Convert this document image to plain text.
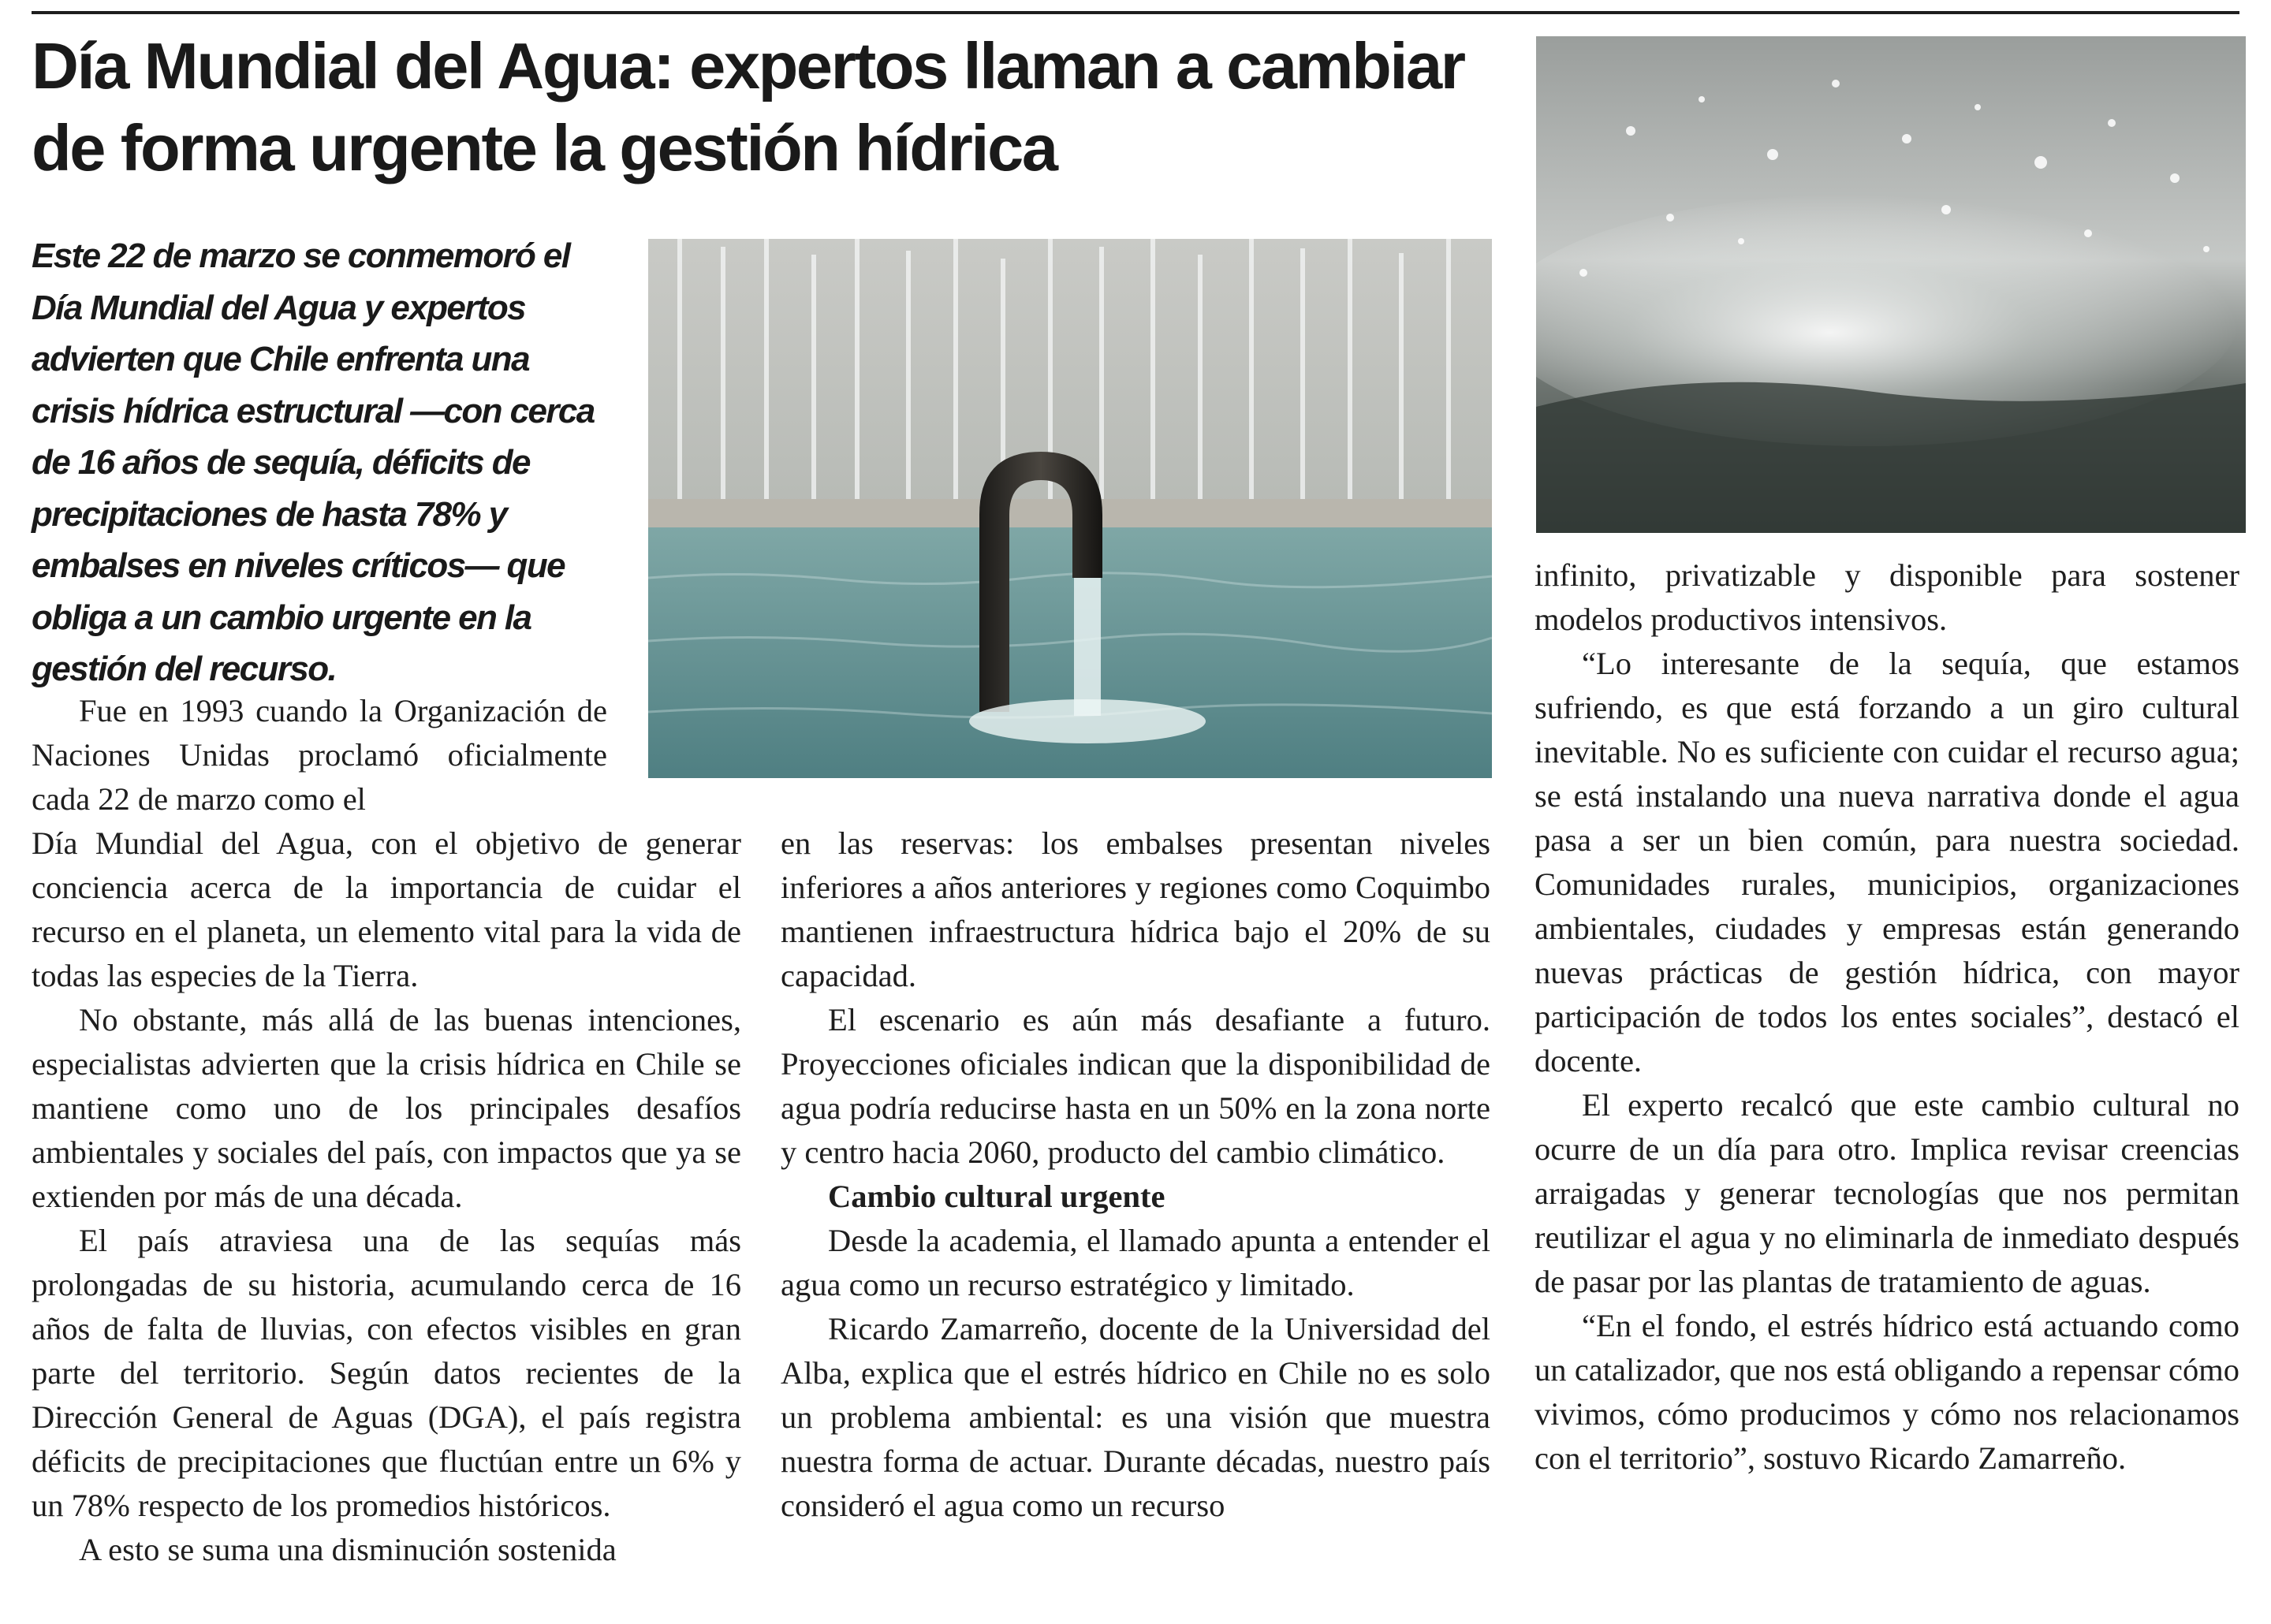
Día Mundial del Agua: expertos llaman a cambiar de forma urgente la gestión hídrica

Este 22 de marzo se conmemoró el Día Mundial del Agua y expertos advierten que Chile enfrenta una crisis hídrica estructural —con cerca de 16 años de sequía, déficits de precipitaciones de hasta 78% y embalses en niveles críticos— que obliga a un cambio urgente en la gestión del recurso.

Fue en 1993 cuando la Organización de Naciones Unidas proclamó oficialmente cada 22 de marzo como el

Día Mundial del Agua, con el objetivo de generar conciencia acerca de la importancia de cuidar el recurso en el planeta, un elemento vital para la vida de todas las especies de la Tierra.

No obstante, más allá de las buenas intenciones, especialistas advierten que la crisis hídrica en Chile se mantiene como uno de los principales desafíos ambientales y sociales del país, con impactos que ya se extienden por más de una década.

El país atraviesa una de las sequías más prolongadas de su historia, acumulando cerca de 16 años de falta de lluvias, con efectos visibles en gran parte del territorio. Según datos recientes de la Dirección General de Aguas (DGA), el país registra déficits de precipitaciones que fluctúan entre un 6% y un 78% respecto de los promedios históricos.

A esto se suma una disminución sostenida

en las reservas: los embalses presentan niveles inferiores a años anteriores y regiones como Coquimbo mantienen infraestructura hídrica bajo el 20% de su capacidad.

El escenario es aún más desafiante a futuro. Proyecciones oficiales indican que la disponibilidad de agua podría reducirse hasta en un 50% en la zona norte y centro hacia 2060, producto del cambio climático.

Cambio cultural urgente

Desde la academia, el llamado apunta a entender el agua como un recurso estratégico y limitado.

Ricardo Zamarreño, docente de la Universidad del Alba, explica que el estrés hídrico en Chile no es solo un problema ambiental: es una visión que muestra nuestra forma de actuar. Durante décadas, nuestro país consideró el agua como un recurso

infinito, privatizable y disponible para sostener modelos productivos intensivos.

“Lo interesante de la sequía, que estamos sufriendo, es que está forzando a un giro cultural inevitable. No es suficiente con cuidar el recurso agua; se está instalando una nueva narrativa donde el agua pasa a ser un bien común, para nuestra sociedad. Comunidades rurales, municipios, organizaciones ambientales, ciudades y empresas están generando nuevas prácticas de gestión hídrica, con mayor participación de todos los entes sociales”, destacó el docente.

El experto recalcó que este cambio cultural no ocurre de un día para otro. Implica revisar creencias arraigadas y generar tecnologías que nos permitan reutilizar el agua y no eliminarla de inmediato después de pasar por las plantas de tratamiento de aguas.

“En el fondo, el estrés hídrico está actuando como un catalizador, que nos está obligando a repensar cómo vivimos, cómo producimos y cómo nos relacionamos con el territorio”, sostuvo Ricardo Zamarreño.
